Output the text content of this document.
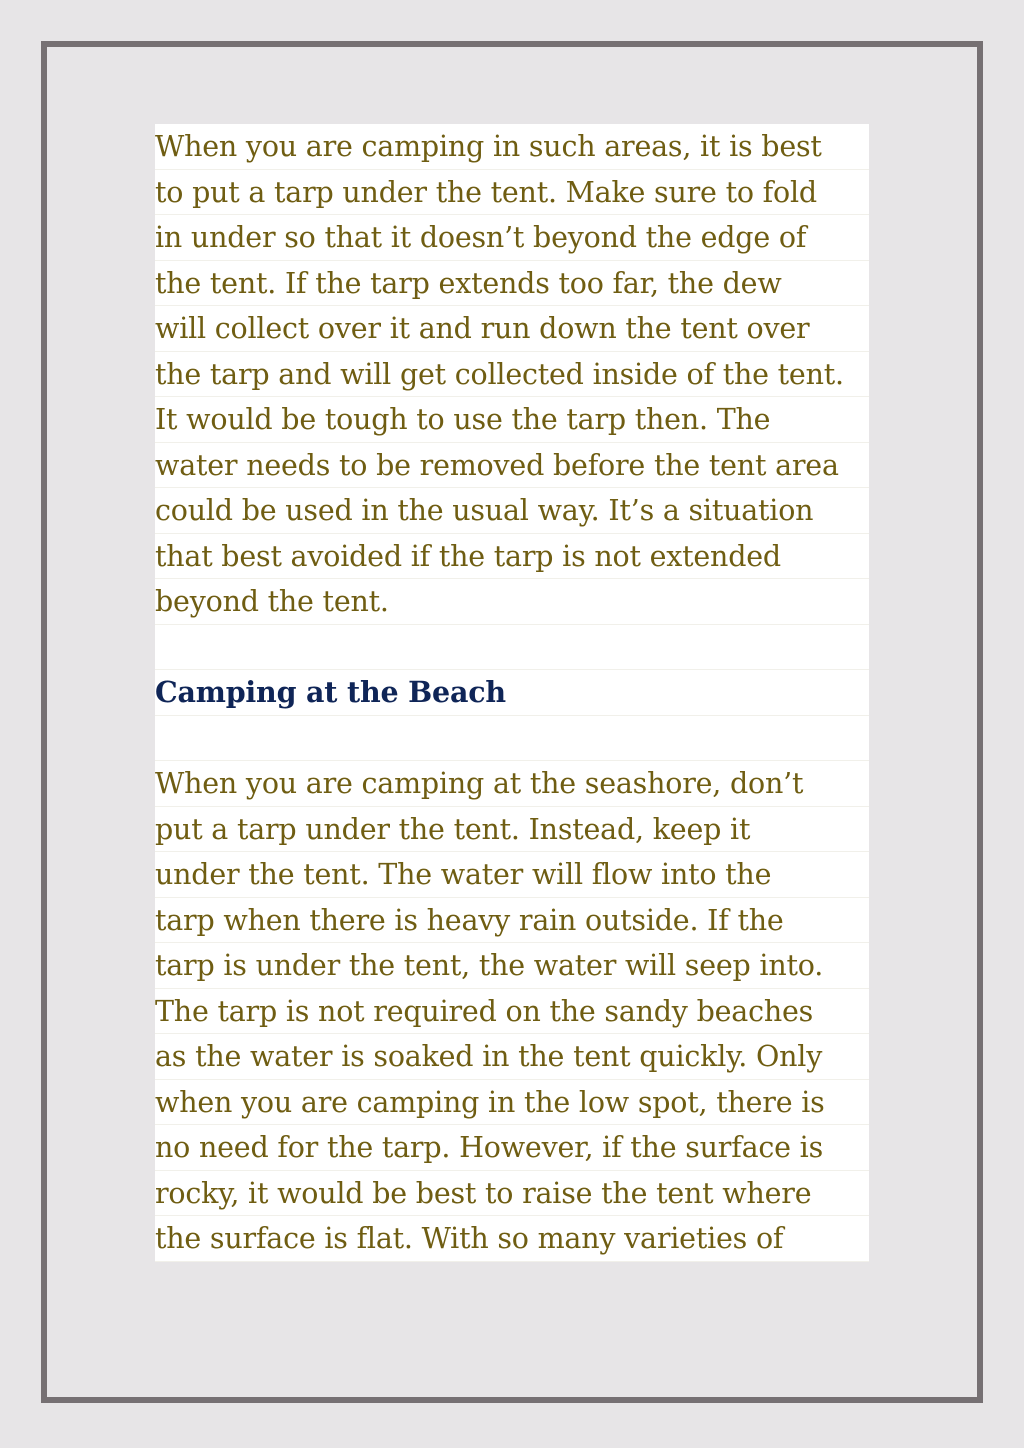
When you are camping in such areas, it is best
to put a tarp under the tent. Make sure to fold
in under so that it doesn’t beyond the edge of
the tent. If the tarp extends too far, the dew
will collect over it and run down the tent over
the tarp and will get collected inside of the tent.
It would be tough to use the tarp then. The
water needs to be removed before the tent area
could be used in the usual way. It’s a situation
that best avoided if the tarp is not extended
beyond the tent.
Camping at the Beach
When you are camping at the seashore, don’t
put a tarp under the tent. Instead, keep it
under the tent. The water will flow into the
tarp when there is heavy rain outside. If the
tarp is under the tent, the water will seep into.
The tarp is not required on the sandy beaches
as the water is soaked in the tent quickly. Only
when you are camping in the low spot, there is
no need for the tarp. However, if the surface is
rocky, it would be best to raise the tent where
the surface is flat. With so many varieties of
